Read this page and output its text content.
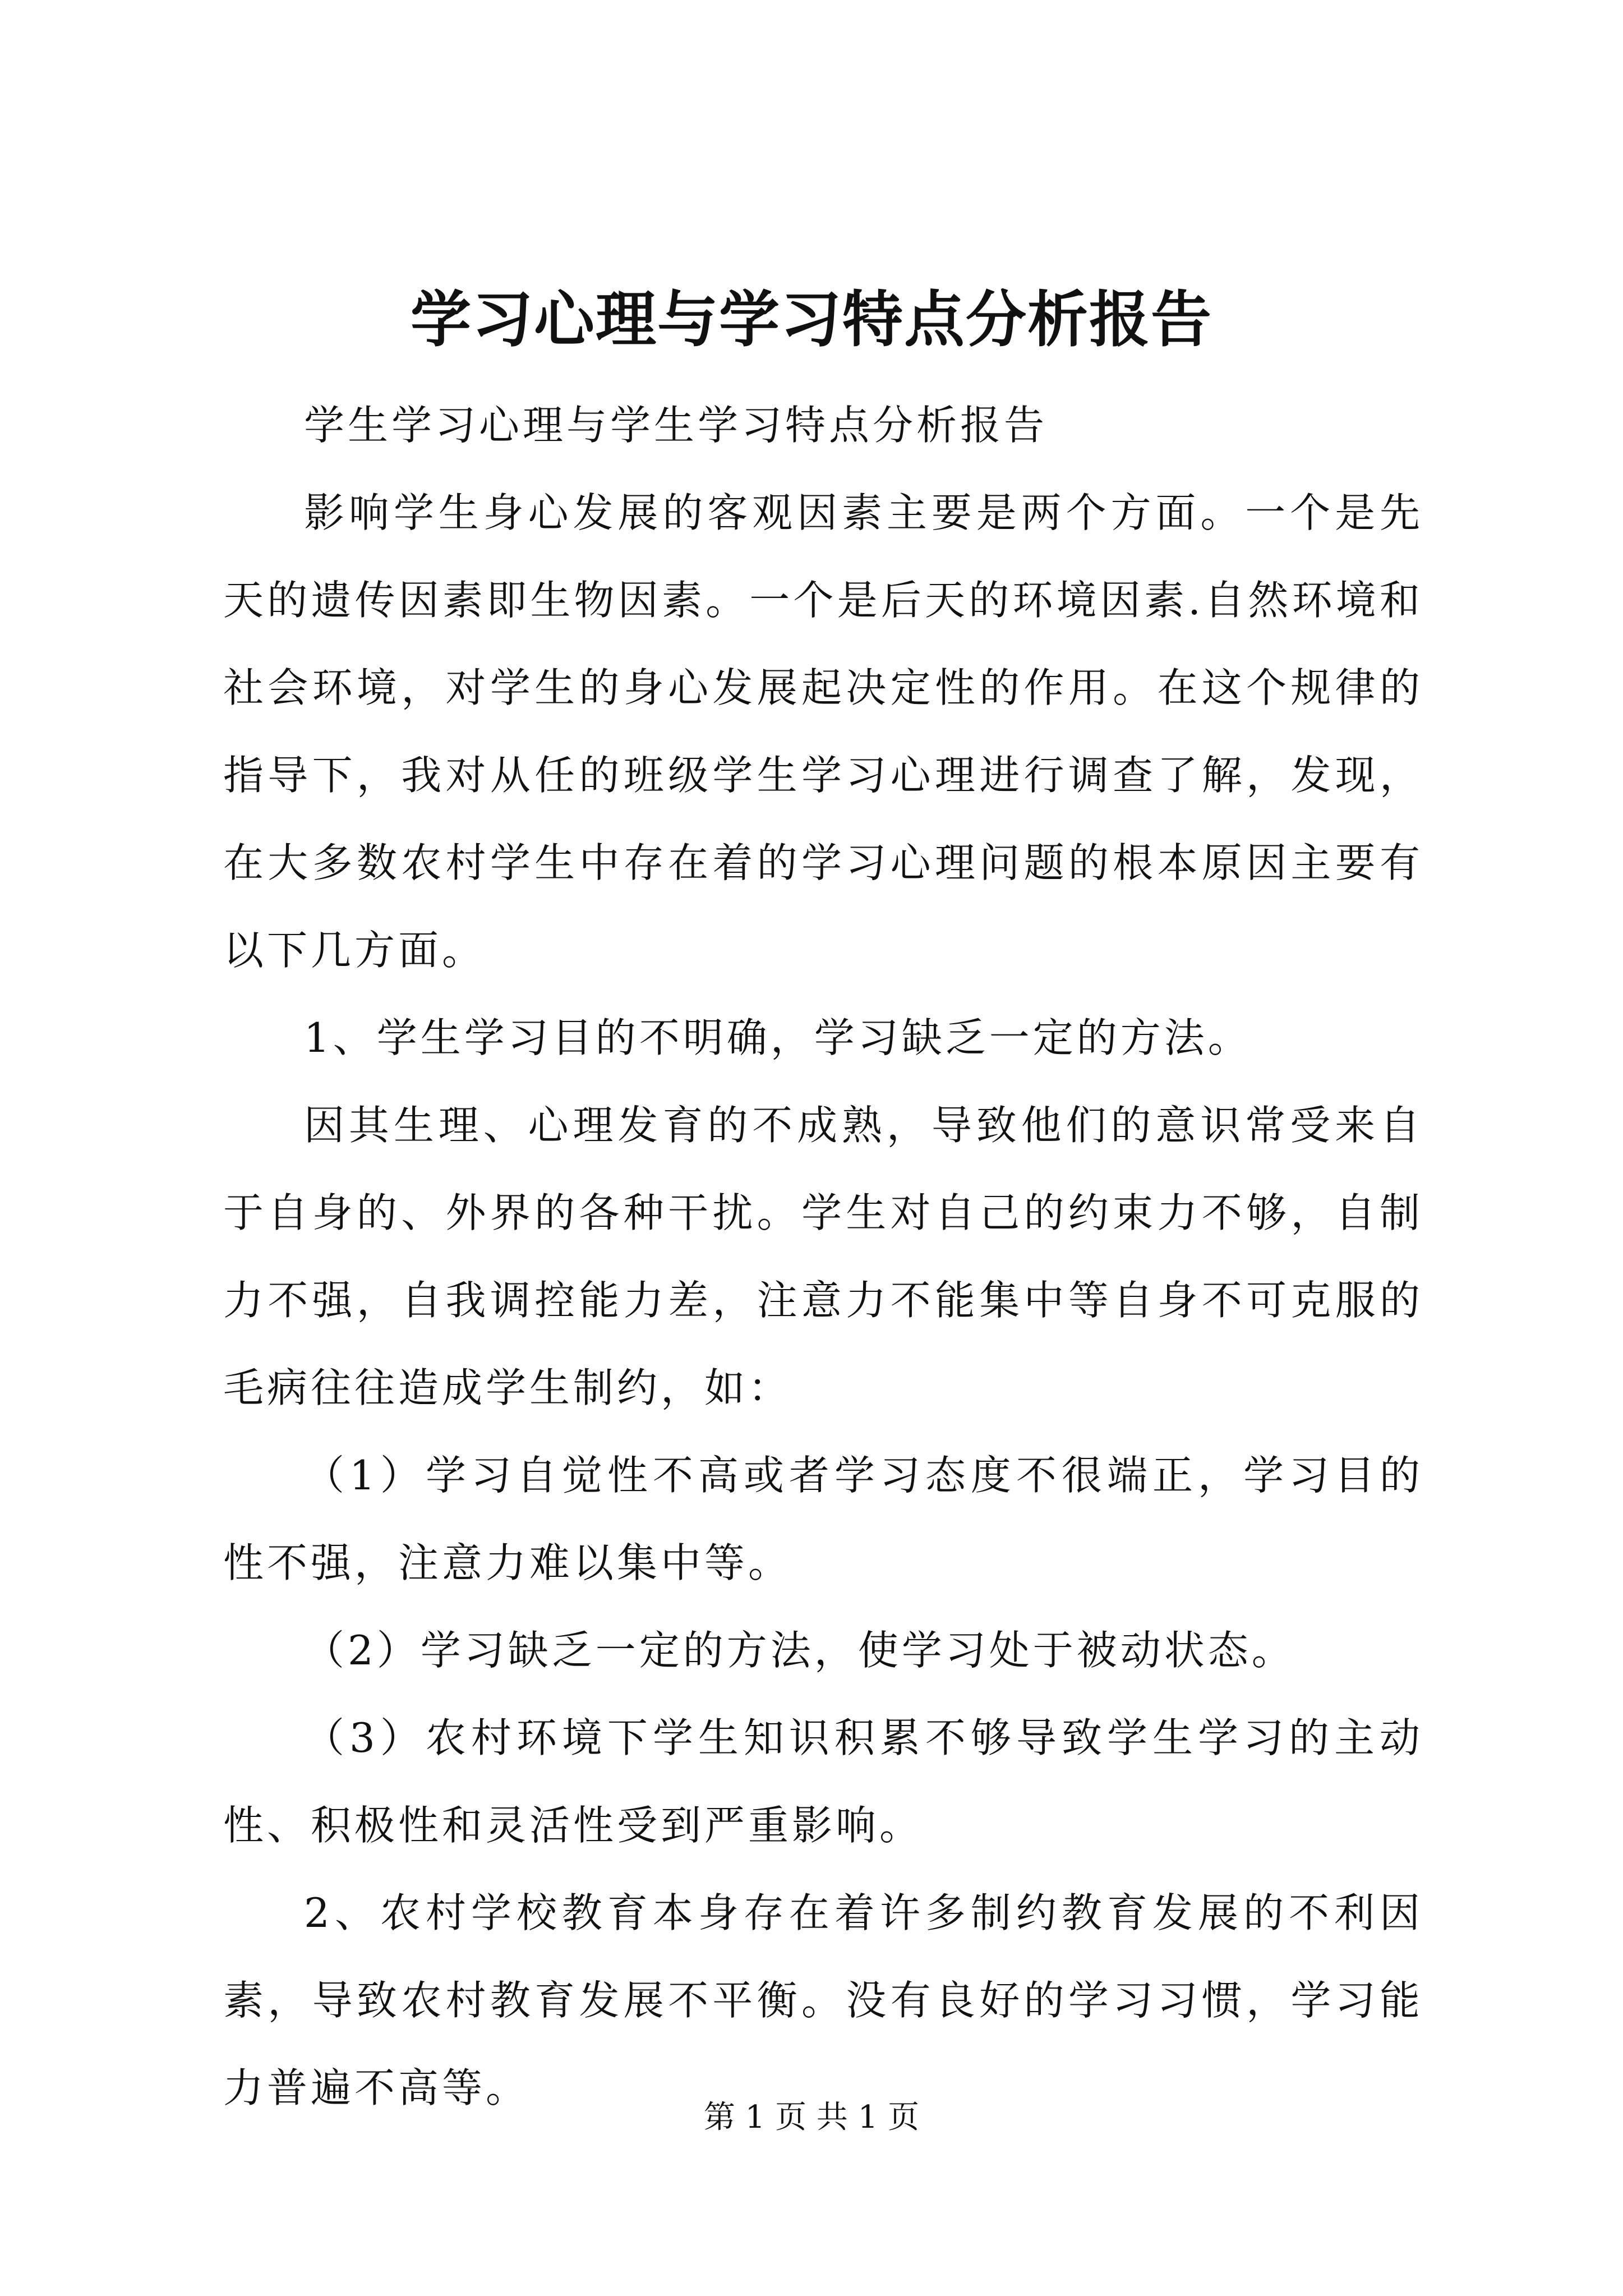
学习心理与学习特点分析报告

学生学习心理与学生学习特点分析报告

影响学生身心发展的客观因素主要是两个方面。一个是先天的遗传因素即生物因素。一个是后天的环境因素.自然环境和社会环境，对学生的身心发展起决定性的作用。在这个规律的指导下，我对从任的班级学生学习心理进行调查了解，发现，在大多数农村学生中存在着的学习心理问题的根本原因主要有以下几方面。

1、学生学习目的不明确，学习缺乏一定的方法。

因其生理、心理发育的不成熟，导致他们的意识常受来自于自身的、外界的各种干扰。学生对自己的约束力不够，自制力不强，自我调控能力差，注意力不能集中等自身不可克服的毛病往往造成学生制约，如：

（1）学习自觉性不高或者学习态度不很端正，学习目的性不强，注意力难以集中等。

（2）学习缺乏一定的方法，使学习处于被动状态。

（3）农村环境下学生知识积累不够导致学生学习的主动性、积极性和灵活性受到严重影响。

2、农村学校教育本身存在着许多制约教育发展的不利因素，导致农村教育发展不平衡。没有良好的学习习惯，学习能力普遍不高等。

第 1 页 共 1 页
